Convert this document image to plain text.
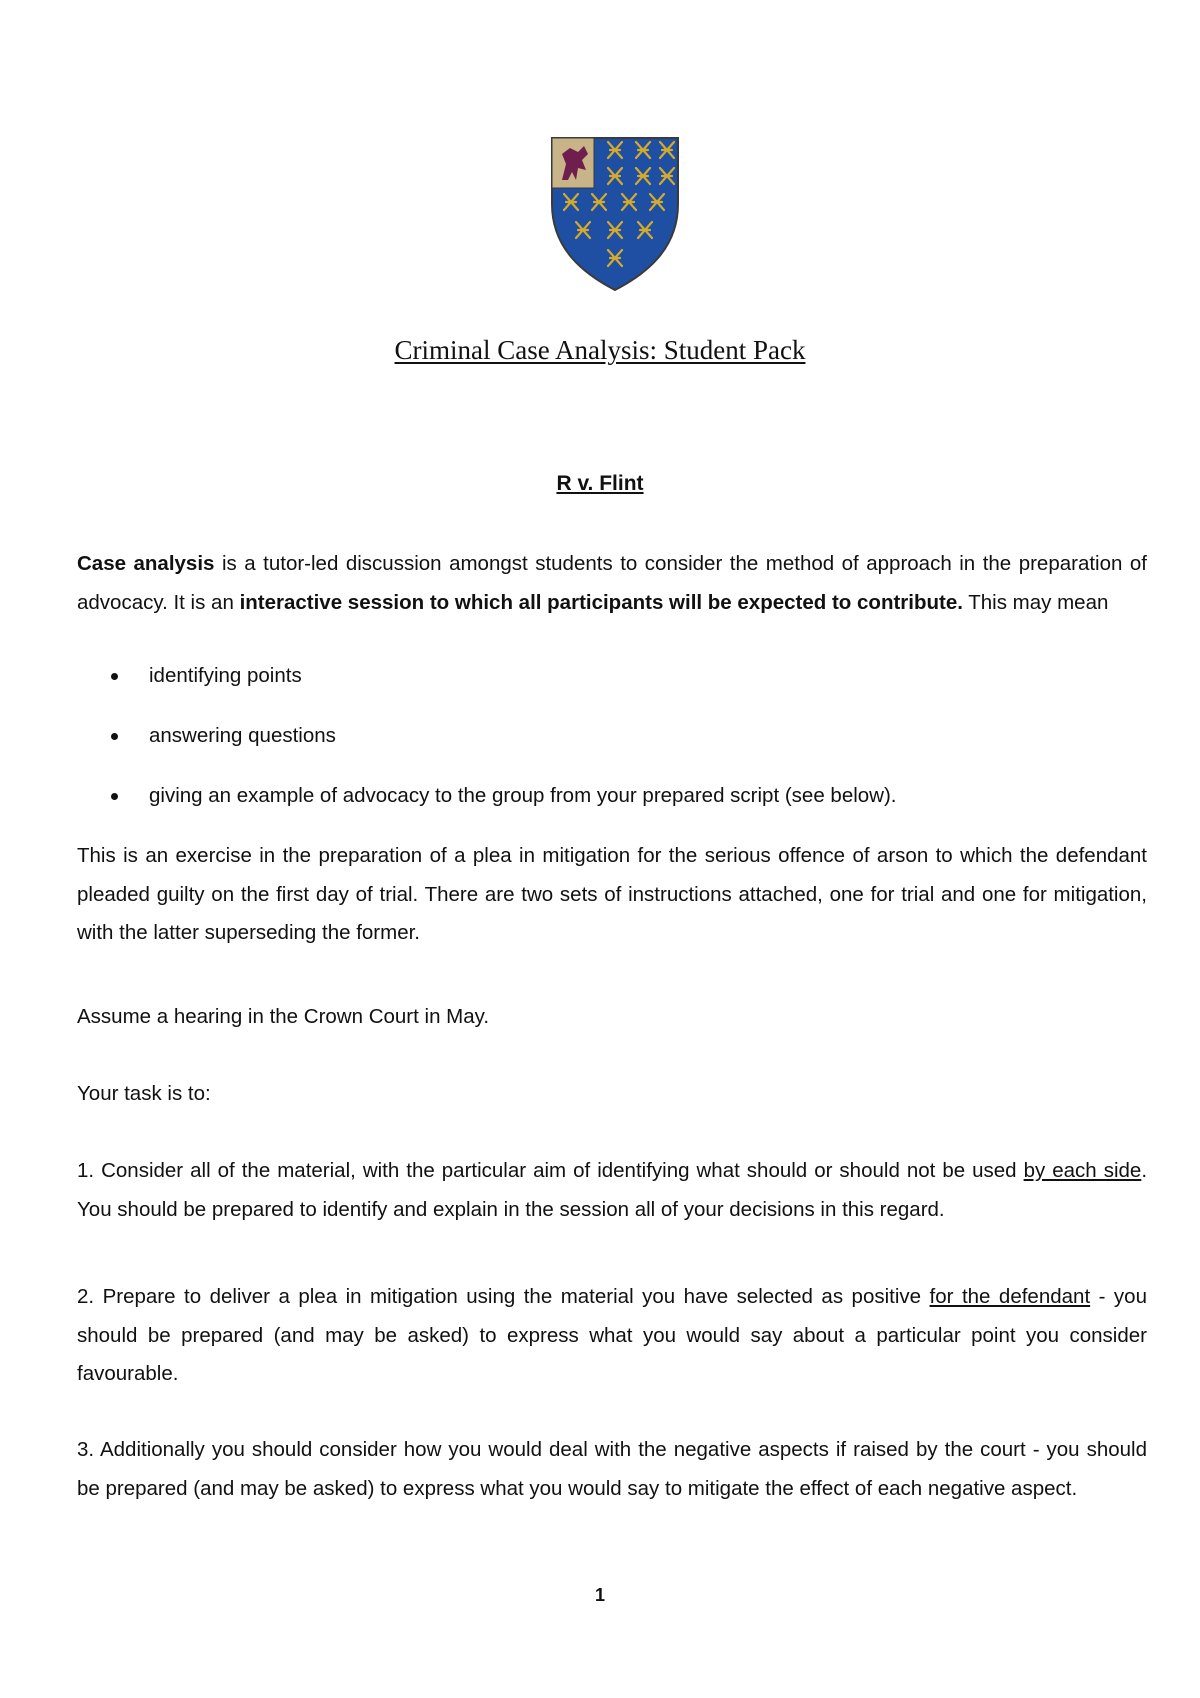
Criminal Case Analysis: Student Pack
R v. Flint

Case analysis is a tutor-led discussion amongst students to consider the method of approach in the preparation of advocacy. It is an interactive session to which all participants will be expected to contribute. This may mean

identifying points
answering questions
giving an example of advocacy to the group from your prepared script (see below).

This is an exercise in the preparation of a plea in mitigation for the serious offence of arson to which the defendant pleaded guilty on the first day of trial. There are two sets of instructions attached, one for trial and one for mitigation, with the latter superseding the former.

Assume a hearing in the Crown Court in May.

Your task is to:

1. Consider all of the material, with the particular aim of identifying what should or should not be used by each side. You should be prepared to identify and explain in the session all of your decisions in this regard.

2. Prepare to deliver a plea in mitigation using the material you have selected as positive for the defendant - you should be prepared (and may be asked) to express what you would say about a particular point you consider favourable.

3. Additionally you should consider how you would deal with the negative aspects if raised by the court - you should be prepared (and may be asked) to express what you would say to mitigate the effect of each negative aspect.

1
